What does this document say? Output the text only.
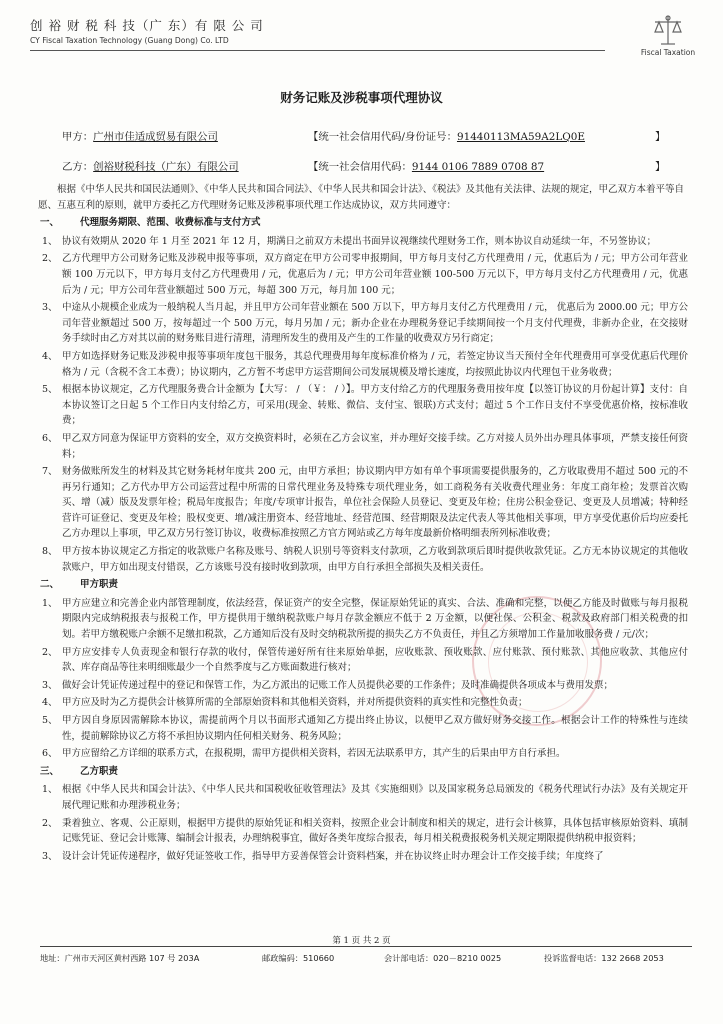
创 裕 财 税 科 技（广 东）有 限 公 司
CY Fiscal Taxation Technology (Guang Dong) Co. LTD
Fiscal Taxation
财务记账及涉税事项代理协议
甲方：广州市佳适成贸易有限公司	【统一社会信用代码/身份证号：91440113MA59A2LQ0E	】
乙方：创裕财税科技（广东）有限公司	【统一社会信用代码：9144 0106 7889 0708 87	】

根据《中华人民共和国民法通则》、《中华人民共和国合同法》、《中华人民共和国会计法》、《税法》及其他有关法律、法规的规定，甲乙双方本着平等自愿、互惠互利的原则，就甲方委托乙方代理财务记账及涉税事项代理工作达成协议，双方共同遵守：

一、 代理服务期限、范围、收费标准与支付方式
1、 协议有效期从 2020 年 1 月至 2021 年 12 月，期满日之前双方未提出书面异议视继续代理财务工作，则本协议自动延续一年，不另签协议；
2、 乙方代理甲方公司财务记账及涉税申报等事项，双方商定在甲方公司零申报期间，甲方每月支付乙方代理费用 / 元，优惠后为 / 元；甲方公司年营业额 100 万元以下，甲方每月支付乙方代理费用 / 元，优惠后为 / 元；甲方公司年营业额 100-500 万元以下，甲方每月支付乙方代理费用 / 元，优惠后为 / 元；甲方公司年营业额超过 500 万元，每超 300 万元，每月加 100 元；
3、 中途从小规模企业成为一般纳税人当月起，并且甲方公司年营业额在 500 万以下，甲方每月支付乙方代理费用 / 元， 优惠后为 2000.00 元；甲方公司年营业额超过 500 万，按每超过一个 500 万元，每月另加 / 元；新办企业在办理税务登记手续期间按一个月支付代理费，非新办企业，在交接财务手续时由乙方对其以前的财务账目进行清理，清理所发生的费用及产生的工作量的收费双方另行商定；
4、 甲方如选择财务记账及涉税申报等事项年度包干服务，其总代理费用每年度标准价格为 / 元，若签定协议当天预付全年代理费用可享受优惠后代理价格为 / 元（含税不含工本费）；协议期内，乙方暂不考虑甲方运营期间公司发展规模及增长速度，均按照此协议内代理包干业务收费；
5、 根据本协议规定，乙方代理服务费合计金额为【大写： / （￥： / ）】。甲方支付给乙方的代理服务费用按年度【以签订协议的月份起计算】支付：自本协议签订之日起 5 个工作日内支付给乙方，可采用(现金、转账、微信、支付宝、银联)方式支付；超过 5 个工作日支付不享受优惠价格，按标准收费；
6、 甲乙双方同意为保证甲方资料的安全，双方交换资料时，必须在乙方会议室，并办理好交接手续。乙方对接人员外出办理具体事项，严禁支接任何资料；
7、 财务做账所发生的材料及其它财务耗材年度共 200 元，由甲方承担；协议期内甲方如有单个事项需要提供服务的，乙方收取费用不超过 500 元的不再另行通知；乙方代办甲方公司运营过程中所需的日常代理业务及特殊专项代理业务，如工商税务有关收费代理业务：年度工商年检；发票首次购买、增（减）版及发票年检；税局年度报告；年度/专项审计报告，单位社会保险人员登记、变更及年检；住房公积金登记、变更及人员增减；特种经营许可证登记、变更及年检；股权变更、增/减注册资本、经营地址、经营范围、经营期限及法定代表人等其他相关事项，甲方享受优惠价后均应委托乙方办理以上事项，甲乙双方另行签订协议，收费标准按照乙方官方网站或乙方每年度最新价格明细表所列标准收费；
8、 甲方按本协议规定乙方指定的收款账户名称及账号、纳税人识别号等资料支付款项，乙方收到款项后即时提供收款凭证。乙方无本协议规定的其他收款账户，甲方如出现支付错误，乙方该账号没有接时收到款项，由甲方自行承担全部损失及相关责任。
二、 甲方职责
1、 甲方应建立和完善企业内部管理制度，依法经营，保证资产的安全完整，保证原始凭证的真实、合法、准确和完整，以便乙方能及时做账与每月报税期限内完成纳税报表与报税工作，甲方提供用于缴纳税款账户每月存款金额应不低于 2 万金额，以便社保、公积金、税款及政府部门相关税费的扣划。若甲方缴税账户余额不足缴扣税款，乙方通知后没有及时交纳税款所提的损失乙方不负责任，并且乙方须增加工作量加收服务费 / 元/次；
2、 甲方应安排专人负责现金和银行存款的收付，保管传递好所有往来原始单据，应收账款、预收账款、应付账款、预付账款、其他应收款、其他应付款、库存商品等往来明细账最少一个自然季度与乙方账面数进行核对；
3、 做好会计凭证传递过程中的登记和保管工作，为乙方派出的记账工作人员提供必要的工作条件；及时准确提供各项成本与费用发票；
4、 甲方应及时为乙方提供会计核算所需的全部原始资料和其他相关资料，并对所提供资料的真实性和完整性负责；
5、 甲方因自身原因需解除本协议，需提前两个月以书面形式通知乙方提出终止协议，以便甲乙双方做好财务交接工作。根据会计工作的特殊性与连续性，提前解除协议乙方将不承担协议期内任何相关财务、税务风险；
6、 甲方应留给乙方详细的联系方式，在报税期，需甲方提供相关资料，若因无法联系甲方，其产生的后果由甲方自行承担。
三、 乙方职责
1、 根据《中华人民共和国会计法》、《中华人民共和国税收征收管理法》及其《实施细则》以及国家税务总局颁发的《税务代理试行办法》及有关规定开展代理记账和办理涉税业务；
2、 秉着独立、客观、公正原则，根据甲方提供的原始凭证和相关资料，按照企业会计制度和相关的规定，进行会计核算，具体包括审核原始资料、填制记账凭证、登记会计账簿、编制会计报表，办理纳税事宜，做好各类年度综合报表，每月相关税费报税务机关规定期限提供纳税申报资料；
3、 设计会计凭证传递程序，做好凭证签收工作，指导甲方妥善保管会计资料档案，并在协议终止时办理会计工作交接手续；年度终了
第 1 页 共 2 页
地址：广州市天河区黄村西路 107 号 203A	邮政编码：510660	会计部电话：020－8210 0025	投诉监督电话：132 2668 2053
